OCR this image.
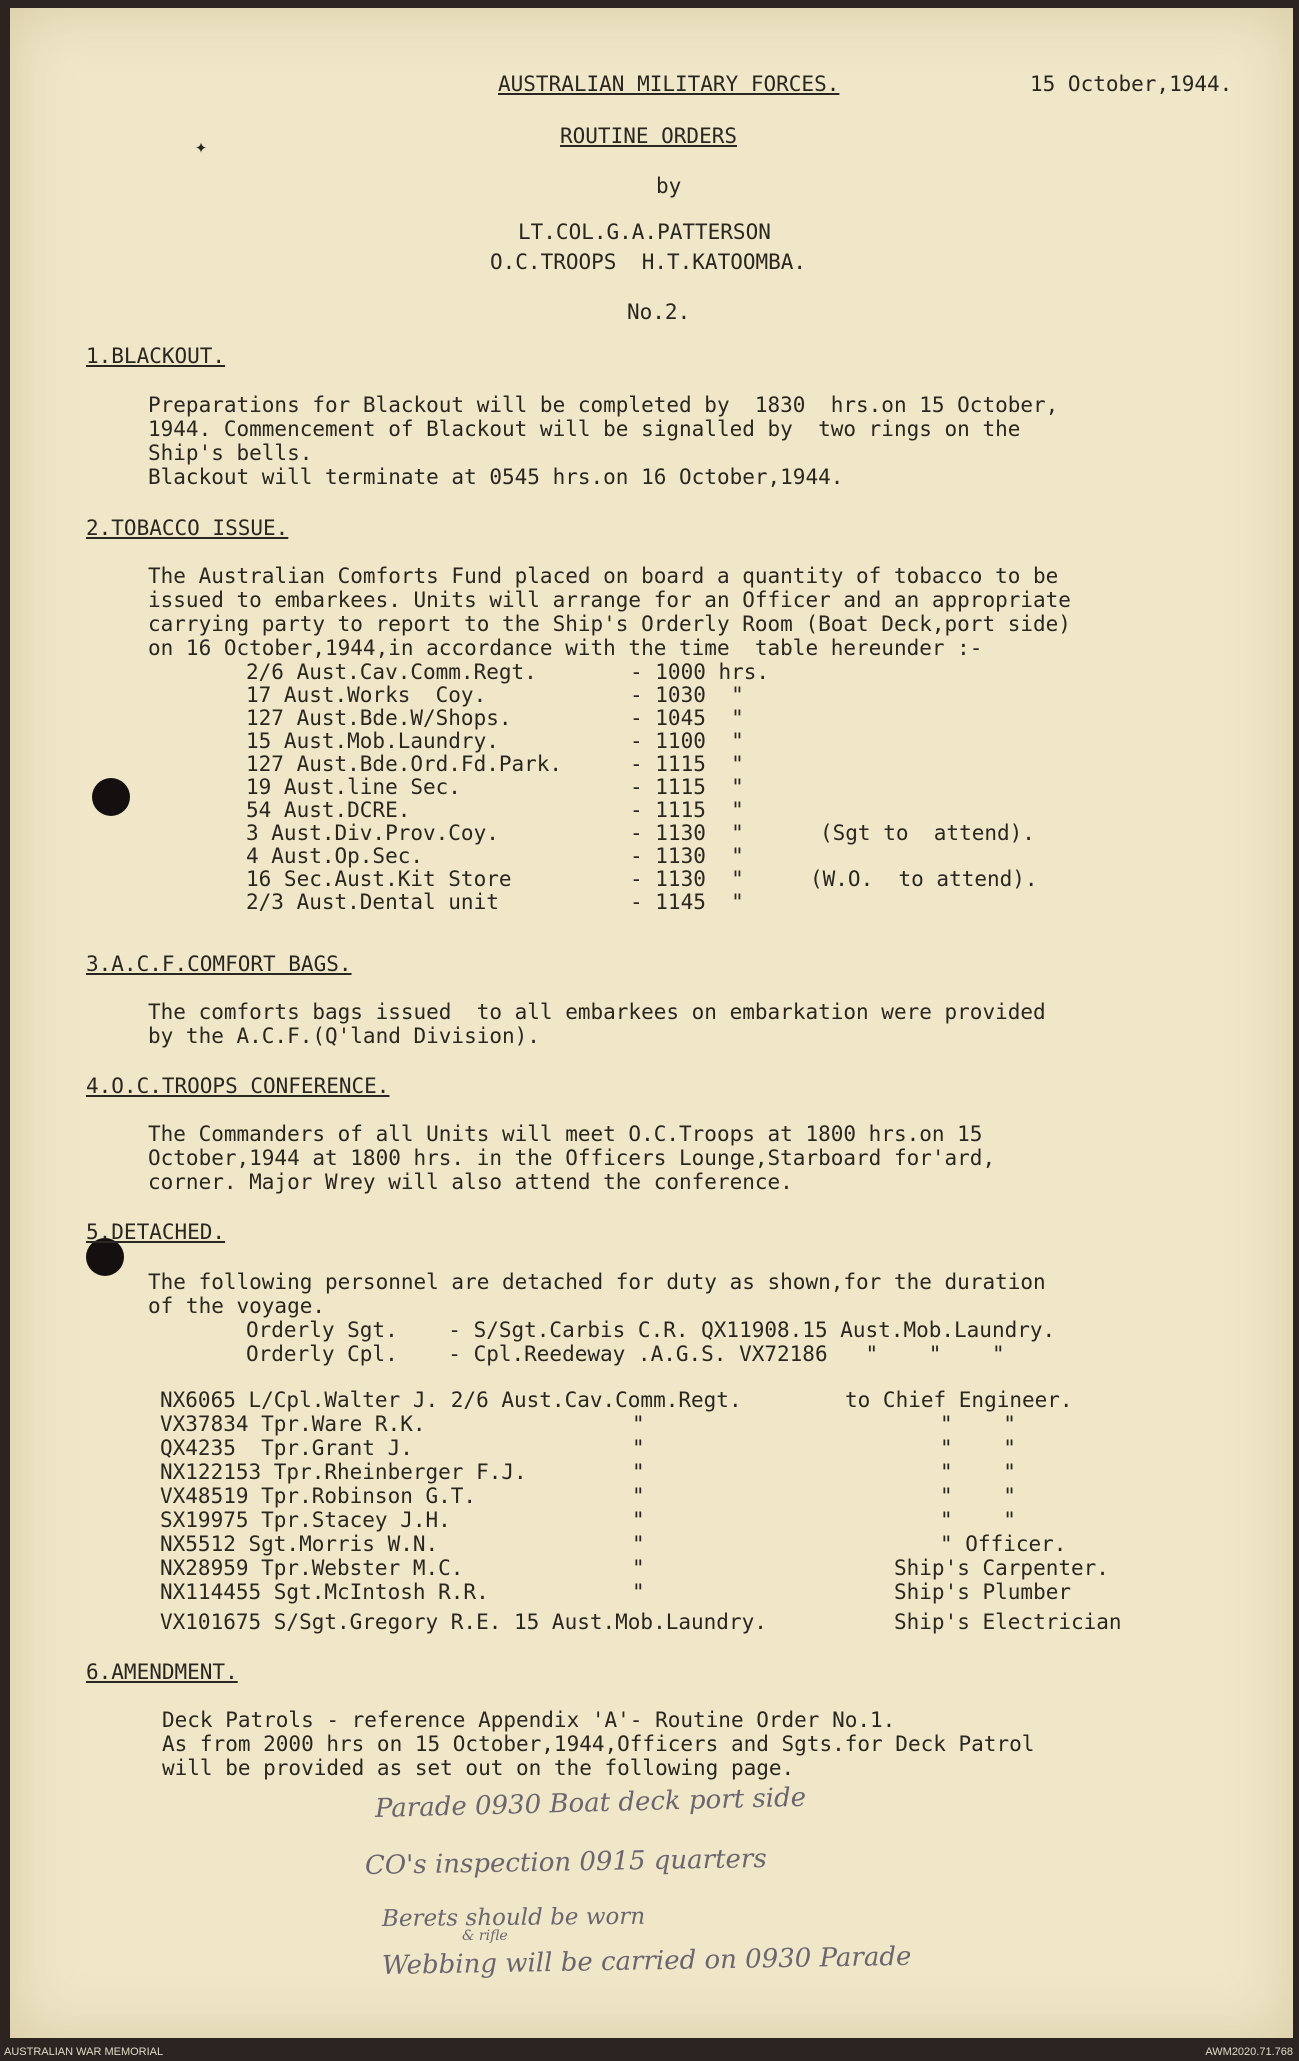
✦
AUSTRALIAN MILITARY FORCES.	15 October,1944.
ROUTINE ORDERS
by
LT.COL.G.A.PATTERSON
O.C.TROOPS  H.T.KATOOMBA.
No.2.
1.BLACKOUT.
Preparations for Blackout will be completed by  1830  hrs.on 15 October,
1944. Commencement of Blackout will be signalled by  two rings on the
Ship's bells.
Blackout will terminate at 0545 hrs.on 16 October,1944.
2.TOBACCO ISSUE.
The Australian Comforts Fund placed on board a quantity of tobacco to be
issued to embarkees. Units will arrange for an Officer and an appropriate
carrying party to report to the Ship's Orderly Room (Boat Deck,port side)
on 16 October,1944,in accordance with the time  table hereunder :-
2/6 Aust.Cav.Comm.Regt.	- 1000 hrs.
17 Aust.Works  Coy.	- 1030  "
127 Aust.Bde.W/Shops.	- 1045  "
15 Aust.Mob.Laundry.	- 1100  "
127 Aust.Bde.Ord.Fd.Park.	- 1115  "
19 Aust.line Sec.	- 1115  "
54 Aust.DCRE.	- 1115  "
3 Aust.Div.Prov.Coy.	- 1130  "	(Sgt to  attend).
4 Aust.Op.Sec.	- 1130  "
16 Sec.Aust.Kit Store	- 1130  "	(W.O.  to attend).
2/3 Aust.Dental unit	- 1145  "
3.A.C.F.COMFORT BAGS.
The comforts bags issued  to all embarkees on embarkation were provided
by the A.C.F.(Q'land Division).
4.O.C.TROOPS CONFERENCE.
The Commanders of all Units will meet O.C.Troops at 1800 hrs.on 15
October,1944 at 1800 hrs. in the Officers Lounge,Starboard for'ard,
corner. Major Wrey will also attend the conference.
5.DETACHED.
The following personnel are detached for duty as shown,for the duration
of the voyage.
Orderly Sgt.    - S/Sgt.Carbis C.R. QX11908.15 Aust.Mob.Laundry.
Orderly Cpl.    - Cpl.Reedeway .A.G.S. VX72186   "    "    "
NX6065 L/Cpl.Walter J. 2/6 Aust.Cav.Comm.Regt.	to Chief Engineer.
VX37834 Tpr.Ware R.K.	"	"    "
QX4235  Tpr.Grant J.	"	"    "
NX122153 Tpr.Rheinberger F.J.	"	"    "
VX48519 Tpr.Robinson G.T.	"	"    "
SX19975 Tpr.Stacey J.H.	"	"    "
NX5512 Sgt.Morris W.N.	"	" Officer.
NX28959 Tpr.Webster M.C.	"	Ship's Carpenter.
NX114455 Sgt.McIntosh R.R.	"	Ship's Plumber
VX101675 S/Sgt.Gregory R.E. 15 Aust.Mob.Laundry.	Ship's Electrician
6.AMENDMENT.
Deck Patrols - reference Appendix 'A'- Routine Order No.1.
As from 2000 hrs on 15 October,1944,Officers and Sgts.for Deck Patrol
will be provided as set out on the following page.
Parade 0930 Boat deck port side
CO's inspection 0915 quarters
Berets should be worn
Webbing will be carried on 0930 Parade
& rifle
AUSTRALIAN WAR MEMORIAL	AWM2020.71.768
